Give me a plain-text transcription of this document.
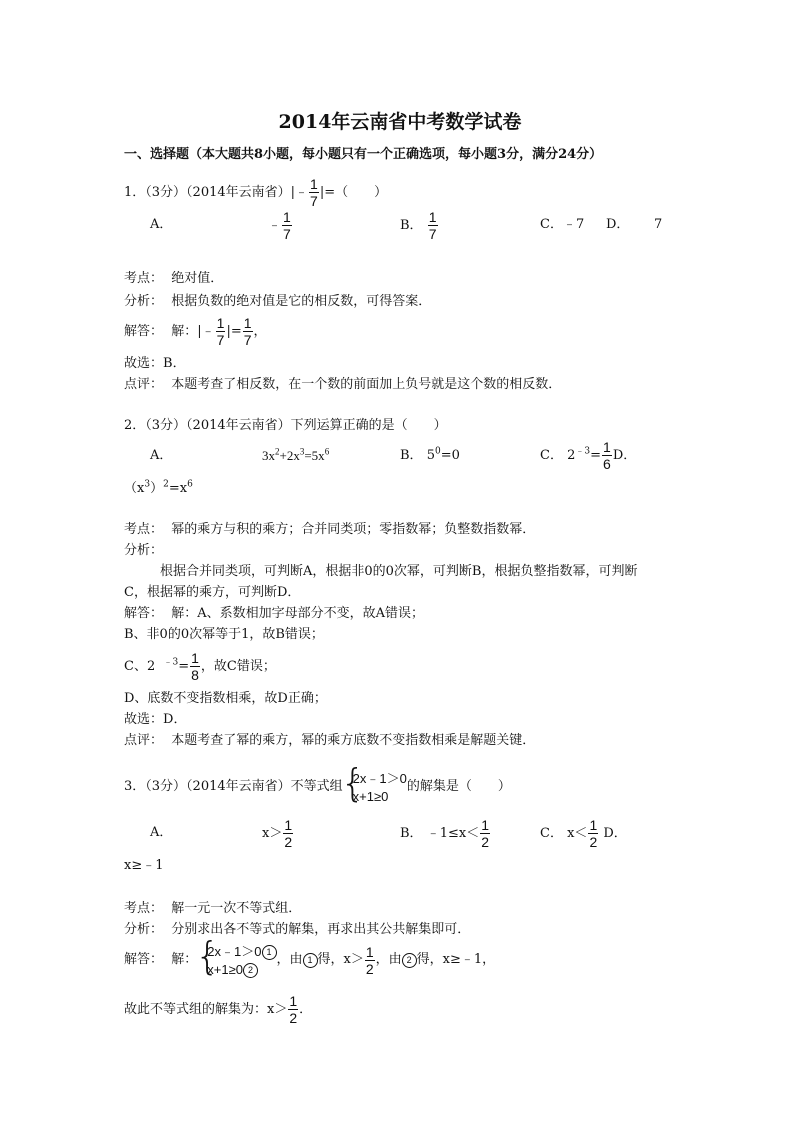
2014年云南省中考数学试卷
一、选择题（本大题共8小题，每小题只有一个正确选项，每小题3分，满分24分）
1．（3分）（2014年云南省）|﹣ $\frac{1}{7}$ |=（　　）
A．	﹣ $\frac{1}{7}$	B． $\frac{1}{7}$	C．﹣7 D． 7
考点： 绝对值．
分析： 根据负数的绝对值是它的相反数，可得答案．
解答： 解：|﹣ $\frac{1}{7}$ |= $\frac{1}{7}$ ，
故选：B．
点评： 本题考查了相反数，在一个数的前面加上负号就是这个数的相反数．
2．（3分）（2014年云南省）下列运算正确的是（　　）
A．	$3x^2+2x^3=5x^6$	B． $5^0=0$	C． $2^{﹣3}= \frac{1}{6}$ D．
$(x^3)^2=x^6$
考点： 幂的乘方与积的乘方；合并同类项；零指数幂；负整数指数幂．
分析：
根据合并同类项，可判断A，根据非0的0次幂，可判断B，根据负整指数幂，可判断
C，根据幂的乘方，可判断D．
解答： 解：A、系数相加字母部分不变，故A错误；
B、非0的0次幂等于1，故B错误；
C、2 $^{﹣3}= \frac{1}{8}$ ，故C错误；
D、底数不变指数相乘，故D正确；
故选：D．
点评： 本题考查了幂的乘方，幂的乘方底数不变指数相乘是解题关键．
3．（3分）（2014年云南省）不等式组
{ 2x﹣1＞0
x+1≥0
的解集是（　　）
A．	$x> \frac{1}{2}$	B． ﹣1≤x＜ $\frac{1}{2}$	C． $x< \frac{1}{2}$ D．
x≥﹣1
考点： 解一元一次不等式组．
分析： 分别求出各不等式的解集，再求出其公共解集即可．
解答： 解：
{ 2x﹣1＞0 1
x+1≥0 2
，由 1 得，$x> \frac{1}{2}$ ，由 2 得，x≥﹣1，
故此不等式组的解集为：$x> \frac{1}{2}$ ．
